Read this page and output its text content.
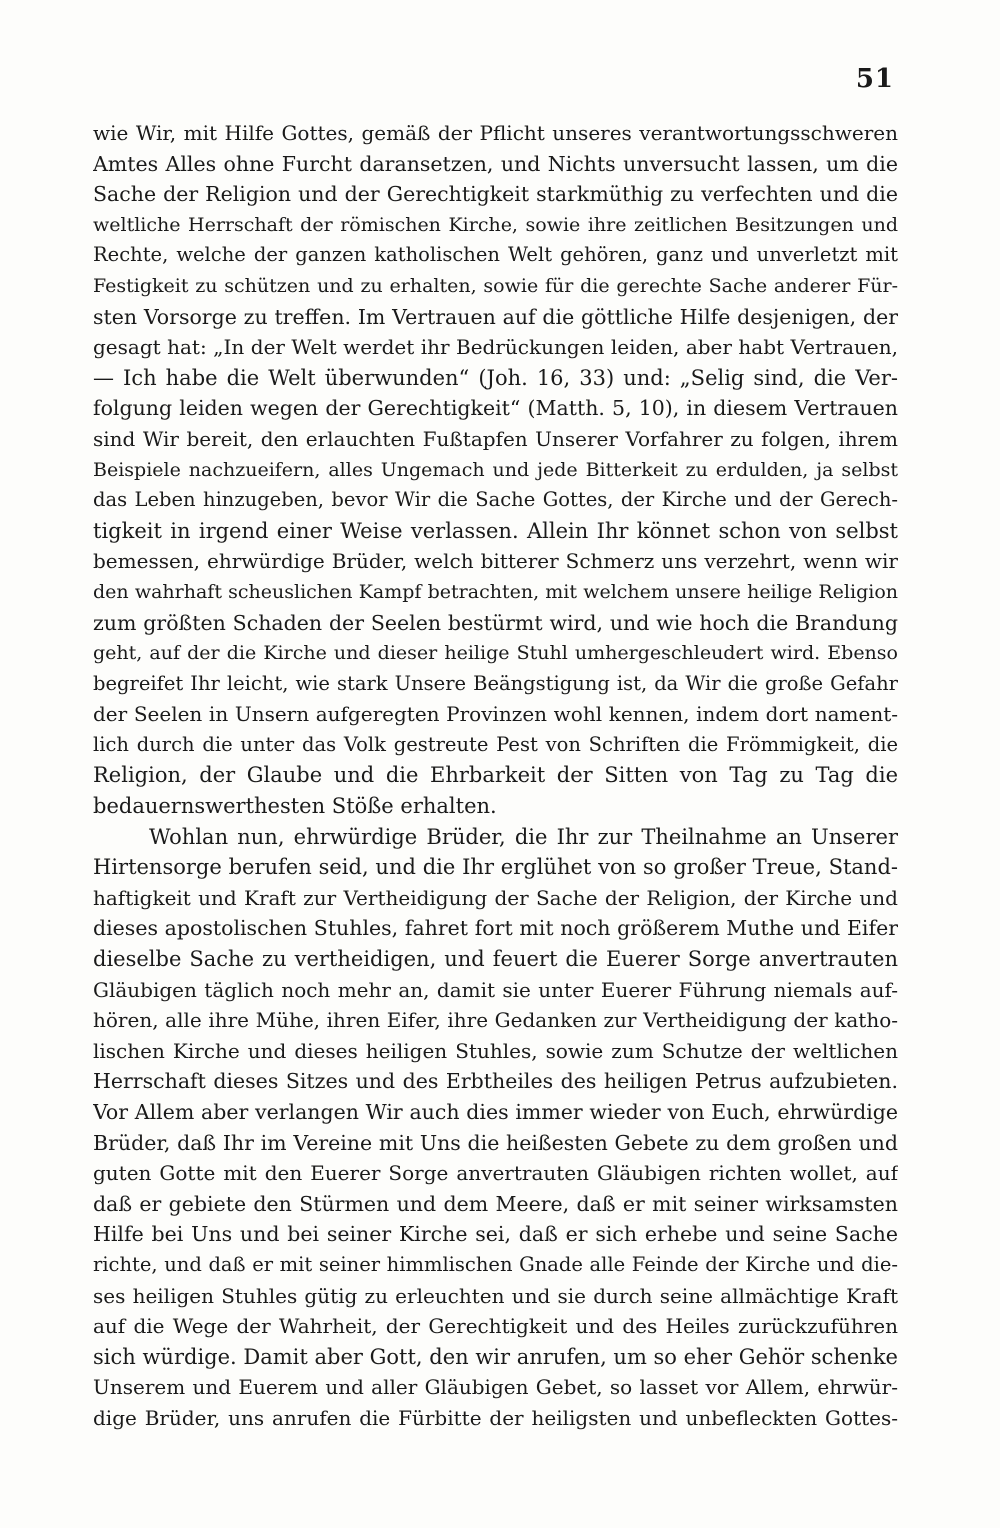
51
wie Wir, mit Hilfe Gottes, gemäß der Pflicht unseres verantwortungsschweren
Amtes Alles ohne Furcht daransetzen, und Nichts unversucht lassen, um die
Sache der Religion und der Gerechtigkeit starkmüthig zu verfechten und die
weltliche Herrschaft der römischen Kirche, sowie ihre zeitlichen Besitzungen und
Rechte, welche der ganzen katholischen Welt gehören, ganz und unverletzt mit
Festigkeit zu schützen und zu erhalten, sowie für die gerechte Sache anderer Für-
sten Vorsorge zu treffen. Im Vertrauen auf die göttliche Hilfe desjenigen, der
gesagt hat: „In der Welt werdet ihr Bedrückungen leiden, aber habt Vertrauen,
— Ich habe die Welt überwunden“ (Joh. 16, 33) und: „Selig sind, die Ver-
folgung leiden wegen der Gerechtigkeit“ (Matth. 5, 10), in diesem Vertrauen
sind Wir bereit, den erlauchten Fußtapfen Unserer Vorfahrer zu folgen, ihrem
Beispiele nachzueifern, alles Ungemach und jede Bitterkeit zu erdulden, ja selbst
das Leben hinzugeben, bevor Wir die Sache Gottes, der Kirche und der Gerech-
tigkeit in irgend einer Weise verlassen. Allein Ihr könnet schon von selbst
bemessen, ehrwürdige Brüder, welch bitterer Schmerz uns verzehrt, wenn wir
den wahrhaft scheuslichen Kampf betrachten, mit welchem unsere heilige Religion
zum größten Schaden der Seelen bestürmt wird, und wie hoch die Brandung
geht, auf der die Kirche und dieser heilige Stuhl umhergeschleudert wird. Ebenso
begreifet Ihr leicht, wie stark Unsere Beängstigung ist, da Wir die große Gefahr
der Seelen in Unsern aufgeregten Provinzen wohl kennen, indem dort nament-
lich durch die unter das Volk gestreute Pest von Schriften die Frömmigkeit, die
Religion, der Glaube und die Ehrbarkeit der Sitten von Tag zu Tag die
bedauernswerthesten Stöße erhalten.
Wohlan nun, ehrwürdige Brüder, die Ihr zur Theilnahme an Unserer
Hirtensorge berufen seid, und die Ihr erglühet von so großer Treue, Stand-
haftigkeit und Kraft zur Vertheidigung der Sache der Religion, der Kirche und
dieses apostolischen Stuhles, fahret fort mit noch größerem Muthe und Eifer
dieselbe Sache zu vertheidigen, und feuert die Euerer Sorge anvertrauten
Gläubigen täglich noch mehr an, damit sie unter Euerer Führung niemals auf-
hören, alle ihre Mühe, ihren Eifer, ihre Gedanken zur Vertheidigung der katho-
lischen Kirche und dieses heiligen Stuhles, sowie zum Schutze der weltlichen
Herrschaft dieses Sitzes und des Erbtheiles des heiligen Petrus aufzubieten.
Vor Allem aber verlangen Wir auch dies immer wieder von Euch, ehrwürdige
Brüder, daß Ihr im Vereine mit Uns die heißesten Gebete zu dem großen und
guten Gotte mit den Euerer Sorge anvertrauten Gläubigen richten wollet, auf
daß er gebiete den Stürmen und dem Meere, daß er mit seiner wirksamsten
Hilfe bei Uns und bei seiner Kirche sei, daß er sich erhebe und seine Sache
richte, und daß er mit seiner himmlischen Gnade alle Feinde der Kirche und die-
ses heiligen Stuhles gütig zu erleuchten und sie durch seine allmächtige Kraft
auf die Wege der Wahrheit, der Gerechtigkeit und des Heiles zurückzuführen
sich würdige. Damit aber Gott, den wir anrufen, um so eher Gehör schenke
Unserem und Euerem und aller Gläubigen Gebet, so lasset vor Allem, ehrwür-
dige Brüder, uns anrufen die Fürbitte der heiligsten und unbefleckten Gottes-
